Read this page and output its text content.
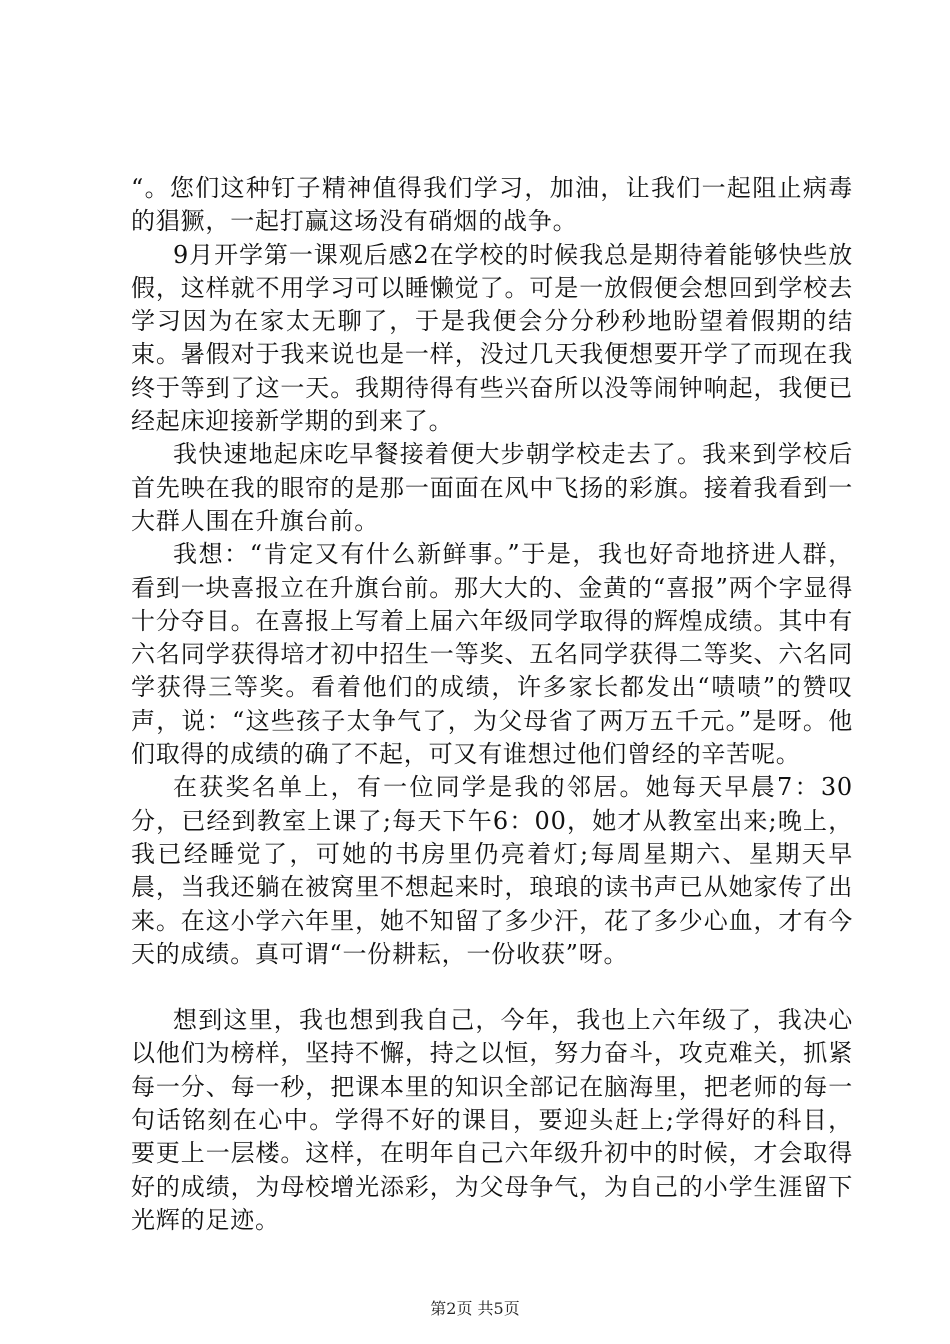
“。您们这种钉子精神值得我们学习，加油，让我们一起阻止病毒的猖獗，一起打赢这场没有硝烟的战争。

9月开学第一课观后感2在学校的时候我总是期待着能够快些放假，这样就不用学习可以睡懒觉了。可是一放假便会想回到学校去学习因为在家太无聊了，于是我便会分分秒秒地盼望着假期的结束。暑假对于我来说也是一样，没过几天我便想要开学了而现在我终于等到了这一天。我期待得有些兴奋所以没等闹钟响起，我便已经起床迎接新学期的到来了。

我快速地起床吃早餐接着便大步朝学校走去了。我来到学校后首先映在我的眼帘的是那一面面在风中飞扬的彩旗。接着我看到一大群人围在升旗台前。

我想：“肯定又有什么新鲜事。”于是，我也好奇地挤进人群，看到一块喜报立在升旗台前。那大大的、金黄的“喜报”两个字显得十分夺目。在喜报上写着上届六年级同学取得的辉煌成绩。其中有六名同学获得培才初中招生一等奖、五名同学获得二等奖、六名同学获得三等奖。看着他们的成绩，许多家长都发出“啧啧”的赞叹声，说：“这些孩子太争气了，为父母省了两万五千元。”是呀。他们取得的成绩的确了不起，可又有谁想过他们曾经的辛苦呢。

在获奖名单上，有一位同学是我的邻居。她每天早晨7：30分，已经到教室上课了;每天下午6：00，她才从教室出来;晚上，我已经睡觉了，可她的书房里仍亮着灯;每周星期六、星期天早晨，当我还躺在被窝里不想起来时，琅琅的读书声已从她家传了出来。在这小学六年里，她不知留了多少汗，花了多少心血，才有今天的成绩。真可谓“一份耕耘，一份收获”呀。

想到这里，我也想到我自己，今年，我也上六年级了，我决心以他们为榜样，坚持不懈，持之以恒，努力奋斗，攻克难关，抓紧每一分、每一秒，把课本里的知识全部记在脑海里，把老师的每一句话铭刻在心中。学得不好的课目，要迎头赶上;学得好的科目，要更上一层楼。这样，在明年自己六年级升初中的时候，才会取得好的成绩，为母校增光添彩，为父母争气，为自己的小学生涯留下光辉的足迹。

第2页 共5页
